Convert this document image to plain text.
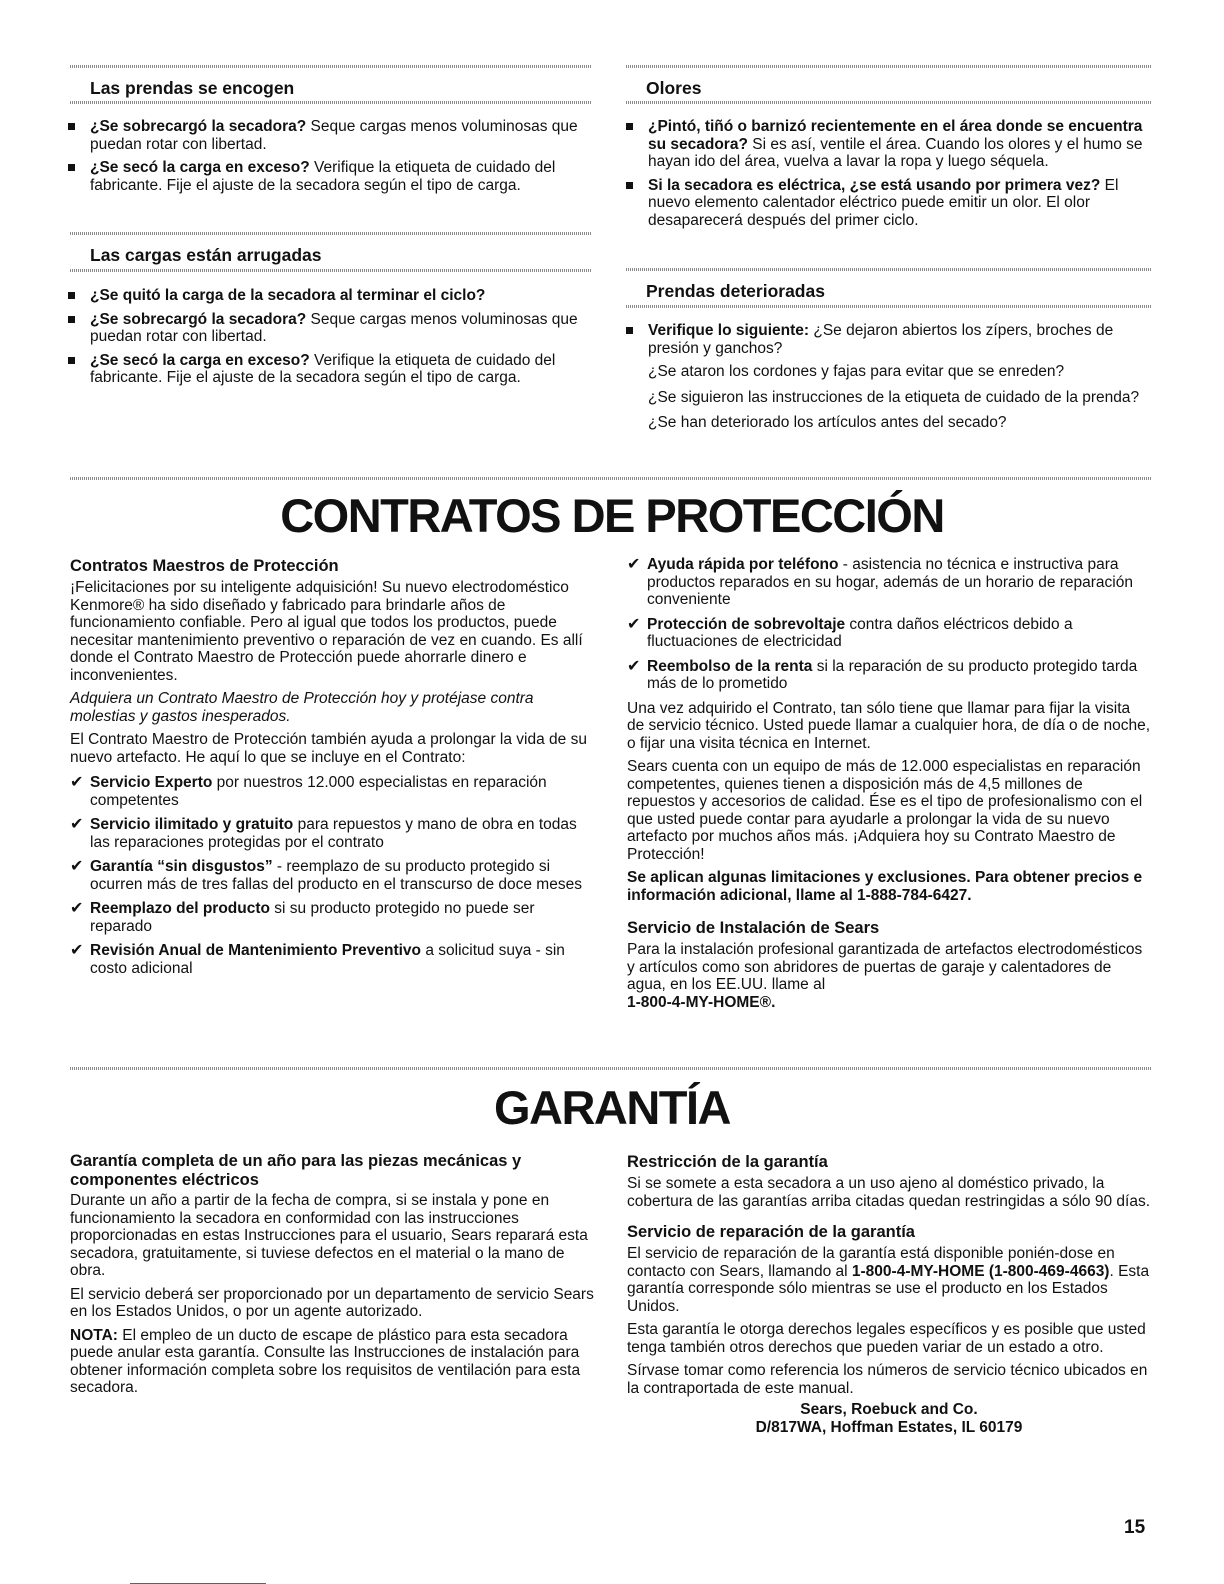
Las prendas se encogen
¿Se sobrecargó la secadora? Seque cargas menos voluminosas que puedan rotar con libertad.
¿Se secó la carga en exceso? Verifique la etiqueta de cuidado del fabricante. Fije el ajuste de la secadora según el tipo de carga.
Las cargas están arrugadas
¿Se quitó la carga de la secadora al terminar el ciclo?
¿Se sobrecargó la secadora? Seque cargas menos voluminosas que puedan rotar con libertad.
¿Se secó la carga en exceso? Verifique la etiqueta de cuidado del fabricante. Fije el ajuste de la secadora según el tipo de carga.
Olores
¿Pintó, tiñó o barnizó recientemente en el área donde se encuentra su secadora? Si es así, ventile el área. Cuando los olores y el humo se hayan ido del área, vuelva a lavar la ropa y luego séquela.
Si la secadora es eléctrica, ¿se está usando por primera vez? El nuevo elemento calentador eléctrico puede emitir un olor. El olor desaparecerá después del primer ciclo.
Prendas deterioradas
Verifique lo siguiente: ¿Se dejaron abiertos los zípers, broches de presión y ganchos?

¿Se ataron los cordones y fajas para evitar que se enreden?

¿Se siguieron las instrucciones de la etiqueta de cuidado de la prenda?

¿Se han deteriorado los artículos antes del secado?

CONTRATOS DE PROTECCIÓN
Contratos Maestros de Protección

¡Felicitaciones por su inteligente adquisición! Su nuevo electrodoméstico Kenmore® ha sido diseñado y fabricado para brindarle años de funcionamiento confiable. Pero al igual que todos los productos, puede necesitar mantenimiento preventivo o reparación de vez en cuando. Es allí donde el Contrato Maestro de Protección puede ahorrarle dinero e inconvenientes.

Adquiera un Contrato Maestro de Protección hoy y protéjase contra molestias y gastos inesperados.

El Contrato Maestro de Protección también ayuda a prolongar la vida de su nuevo artefacto. He aquí lo que se incluye en el Contrato:

✔ Servicio Experto por nuestros 12.000 especialistas en reparación competentes
✔ Servicio ilimitado y gratuito para repuestos y mano de obra en todas las reparaciones protegidas por el contrato
✔ Garantía “sin disgustos” - reemplazo de su producto protegido si ocurren más de tres fallas del producto en el transcurso de doce meses
✔ Reemplazo del producto si su producto protegido no puede ser reparado
✔ Revisión Anual de Mantenimiento Preventivo a solicitud suya - sin costo adicional
✔ Ayuda rápida por teléfono - asistencia no técnica e instructiva para productos reparados en su hogar, además de un horario de reparación conveniente
✔ Protección de sobrevoltaje contra daños eléctricos debido a fluctuaciones de electricidad
✔ Reembolso de la renta si la reparación de su producto protegido tarda más de lo prometido

Una vez adquirido el Contrato, tan sólo tiene que llamar para fijar la visita de servicio técnico. Usted puede llamar a cualquier hora, de día o de noche, o fijar una visita técnica en Internet.

Sears cuenta con un equipo de más de 12.000 especialistas en reparación competentes, quienes tienen a disposición más de 4,5 millones de repuestos y accesorios de calidad. Ése es el tipo de profesionalismo con el que usted puede contar para ayudarle a prolongar la vida de su nuevo artefacto por muchos años más. ¡Adquiera hoy su Contrato Maestro de Protección!

Se aplican algunas limitaciones y exclusiones. Para obtener precios e información adicional, llame al 1-888-784-6427.

Servicio de Instalación de Sears

Para la instalación profesional garantizada de artefactos electrodomésticos y artículos como son abridores de puertas de garaje y calentadores de agua, en los EE.UU. llame al

1-800-4-MY-HOME®.
GARANTÍA
Garantía completa de un año para las piezas mecánicas y componentes eléctricos

Durante un año a partir de la fecha de compra, si se instala y pone en funcionamiento la secadora en conformidad con las instrucciones proporcionadas en estas Instrucciones para el usuario, Sears reparará esta secadora, gratuitamente, si tuviese defectos en el material o la mano de obra.

El servicio deberá ser proporcionado por un departamento de servicio Sears en los Estados Unidos, o por un agente autorizado.

NOTA: El empleo de un ducto de escape de plástico para esta secadora puede anular esta garantía. Consulte las Instrucciones de instalación para obtener información completa sobre los requisitos de ventilación para esta secadora.

Restricción de la garantía

Si se somete a esta secadora a un uso ajeno al doméstico privado, la cobertura de las garantías arriba citadas quedan restringidas a sólo 90 días.

Servicio de reparación de la garantía

El servicio de reparación de la garantía está disponible ponién-dose en contacto con Sears, llamando al 1-800-4-MY-HOME (1-800-469-4663). Esta garantía corresponde sólo mientras se use el producto en los Estados Unidos.

Esta garantía le otorga derechos legales específicos y es posible que usted tenga también otros derechos que pueden variar de un estado a otro.

Sírvase tomar como referencia los números de servicio técnico ubicados en la contraportada de este manual.

Sears, Roebuck and Co.
D/817WA, Hoffman Estates, IL 60179
15
